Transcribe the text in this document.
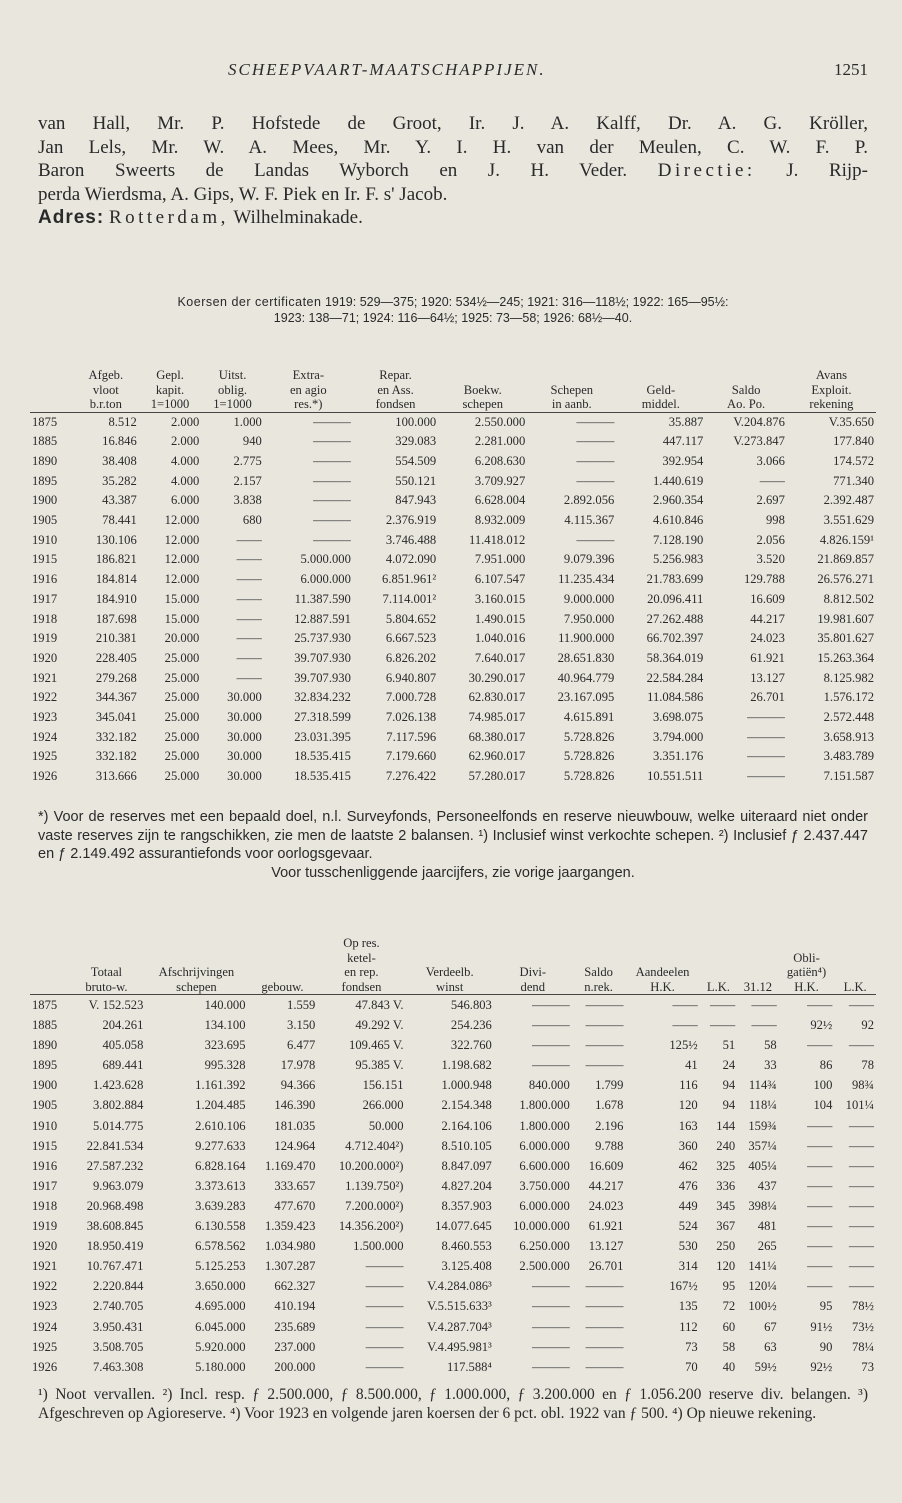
SCHEEPVAART-MAATSCHAPPIJEN.	1251

van Hall, Mr. P. Hofstede de Groot, Ir. J. A. Kalff, Dr. A. G. Kröller,

Jan Lels, Mr. W. A. Mees, Mr. Y. I. H. van der Meulen, C. W. F. P.

Baron Sweerts de Landas Wyborch en J. H. Veder. Directie: J. Rijp-

perda Wierdsma, A. Gips, W. F. Piek en Ir. F. s' Jacob.

Adres: Rotterdam, Wilhelminakade.

Koersen der certificaten 1919: 529—375; 1920: 534½—245; 1921: 316—118½; 1922: 165—95½:
1923: 138—71; 1924: 116—64½; 1925: 73—58; 1926: 68½—40.
	Afgeb.	Gepl.	Uitst.	Extra-	Repar.					Avans
	vloot	kapit.	oblig.	en agio	en Ass.	Boekw.	Schepen	Geld-	Saldo	Exploit.
	b.r.ton	1=1000	1=1000	res.*)	fondsen	schepen	in aanb.	middel.	Ao. Po.	rekening
1875	8.512	2.000	1.000	———	100.000	2.550.000	———	35.887	V.204.876	V.35.650
1885	16.846	2.000	940	———	329.083	2.281.000	———	447.117	V.273.847	177.840
1890	38.408	4.000	2.775	———	554.509	6.208.630	———	392.954	3.066	174.572
1895	35.282	4.000	2.157	———	550.121	3.709.927	———	1.440.619	——	771.340
1900	43.387	6.000	3.838	———	847.943	6.628.004	2.892.056	2.960.354	2.697	2.392.487
1905	78.441	12.000	680	———	2.376.919	8.932.009	4.115.367	4.610.846	998	3.551.629
1910	130.106	12.000	——	———	3.746.488	11.418.012	———	7.128.190	2.056	4.826.159¹
1915	186.821	12.000	——	5.000.000	4.072.090	7.951.000	9.079.396	5.256.983	3.520	21.869.857
1916	184.814	12.000	——	6.000.000	6.851.961²	6.107.547	11.235.434	21.783.699	129.788	26.576.271
1917	184.910	15.000	——	11.387.590	7.114.001²	3.160.015	9.000.000	20.096.411	16.609	8.812.502
1918	187.698	15.000	——	12.887.591	5.804.652	1.490.015	7.950.000	27.262.488	44.217	19.981.607
1919	210.381	20.000	——	25.737.930	6.667.523	1.040.016	11.900.000	66.702.397	24.023	35.801.627
1920	228.405	25.000	——	39.707.930	6.826.202	7.640.017	28.651.830	58.364.019	61.921	15.263.364
1921	279.268	25.000	——	39.707.930	6.940.807	30.290.017	40.964.779	22.584.284	13.127	8.125.982
1922	344.367	25.000	30.000	32.834.232	7.000.728	62.830.017	23.167.095	11.084.586	26.701	1.576.172
1923	345.041	25.000	30.000	27.318.599	7.026.138	74.985.017	4.615.891	3.698.075	———	2.572.448
1924	332.182	25.000	30.000	23.031.395	7.117.596	68.380.017	5.728.826	3.794.000	———	3.658.913
1925	332.182	25.000	30.000	18.535.415	7.179.660	62.960.017	5.728.826	3.351.176	———	3.483.789
1926	313.666	25.000	30.000	18.535.415	7.276.422	57.280.017	5.728.826	10.551.511	———	7.151.587

*) Voor de reserves met een bepaald doel, n.l. Surveyfonds, Personeelfonds en reserve nieuwbouw, welke uiteraard niet onder vaste reserves zijn te rangschikken, zie men de laatste 2 balansen. ¹) Inclusief winst verkochte schepen. ²) Inclusief ƒ 2.437.447 en ƒ 2.149.492 assurantiefonds voor oorlogsgevaar.

Voor tusschenliggende jaarcijfers, zie vorige jaargangen.

				Op res.								
				ketel-							Obli-	
	Totaal	Afschrijvingen		en rep.	Verdeelb.	Divi-	Saldo	Aandeelen			gatiën⁴)	
	bruto-w.	schepen	gebouw.	fondsen	winst	dend	n.rek.	H.K.	L.K.	31.12	H.K.	L.K.
1875	V. 152.523	140.000	1.559	47.843 V.	546.803	———	———	——	——	——	——	——
1885	204.261	134.100	3.150	49.292 V.	254.236	———	———	——	——	——	92½	92
1890	405.058	323.695	6.477	109.465 V.	322.760	———	———	125½	51	58	——	——
1895	689.441	995.328	17.978	95.385 V.	1.198.682	———	———	41	24	33	86	78
1900	1.423.628	1.161.392	94.366	156.151	1.000.948	840.000	1.799	116	94	114¾	100	98¾
1905	3.802.884	1.204.485	146.390	266.000	2.154.348	1.800.000	1.678	120	94	118¼	104	101¼
1910	5.014.775	2.610.106	181.035	50.000	2.164.106	1.800.000	2.196	163	144	159¾	——	——
1915	22.841.534	9.277.633	124.964	4.712.404²)	8.510.105	6.000.000	9.788	360	240	357¼	——	——
1916	27.587.232	6.828.164	1.169.470	10.200.000²)	8.847.097	6.600.000	16.609	462	325	405¼	——	——
1917	9.963.079	3.373.613	333.657	1.139.750²)	4.827.204	3.750.000	44.217	476	336	437	——	——
1918	20.968.498	3.639.283	477.670	7.200.000²)	8.357.903	6.000.000	24.023	449	345	398¼	——	——
1919	38.608.845	6.130.558	1.359.423	14.356.200²)	14.077.645	10.000.000	61.921	524	367	481	——	——
1920	18.950.419	6.578.562	1.034.980	1.500.000	8.460.553	6.250.000	13.127	530	250	265	——	——
1921	10.767.471	5.125.253	1.307.287	———	3.125.408	2.500.000	26.701	314	120	141¼	——	——
1922	2.220.844	3.650.000	662.327	———	V.4.284.086³	———	———	167½	95	120¼	——	——
1923	2.740.705	4.695.000	410.194	———	V.5.515.633³	———	———	135	72	100½	95	78½
1924	3.950.431	6.045.000	235.689	———	V.4.287.704³	———	———	112	60	67	91½	73½
1925	3.508.705	5.920.000	237.000	———	V.4.495.981³	———	———	73	58	63	90	78¼
1926	7.463.308	5.180.000	200.000	———	117.588⁴	———	———	70	40	59½	92½	73

¹) Noot vervallen. ²) Incl. resp. ƒ 2.500.000, ƒ 8.500.000, ƒ 1.000.000, ƒ 3.200.000 en ƒ 1.056.200 reserve div. belangen. ³) Afgeschreven op Agioreserve. ⁴) Voor 1923 en volgende jaren koersen der 6 pct. obl. 1922 van ƒ 500. ⁴) Op nieuwe rekening.
